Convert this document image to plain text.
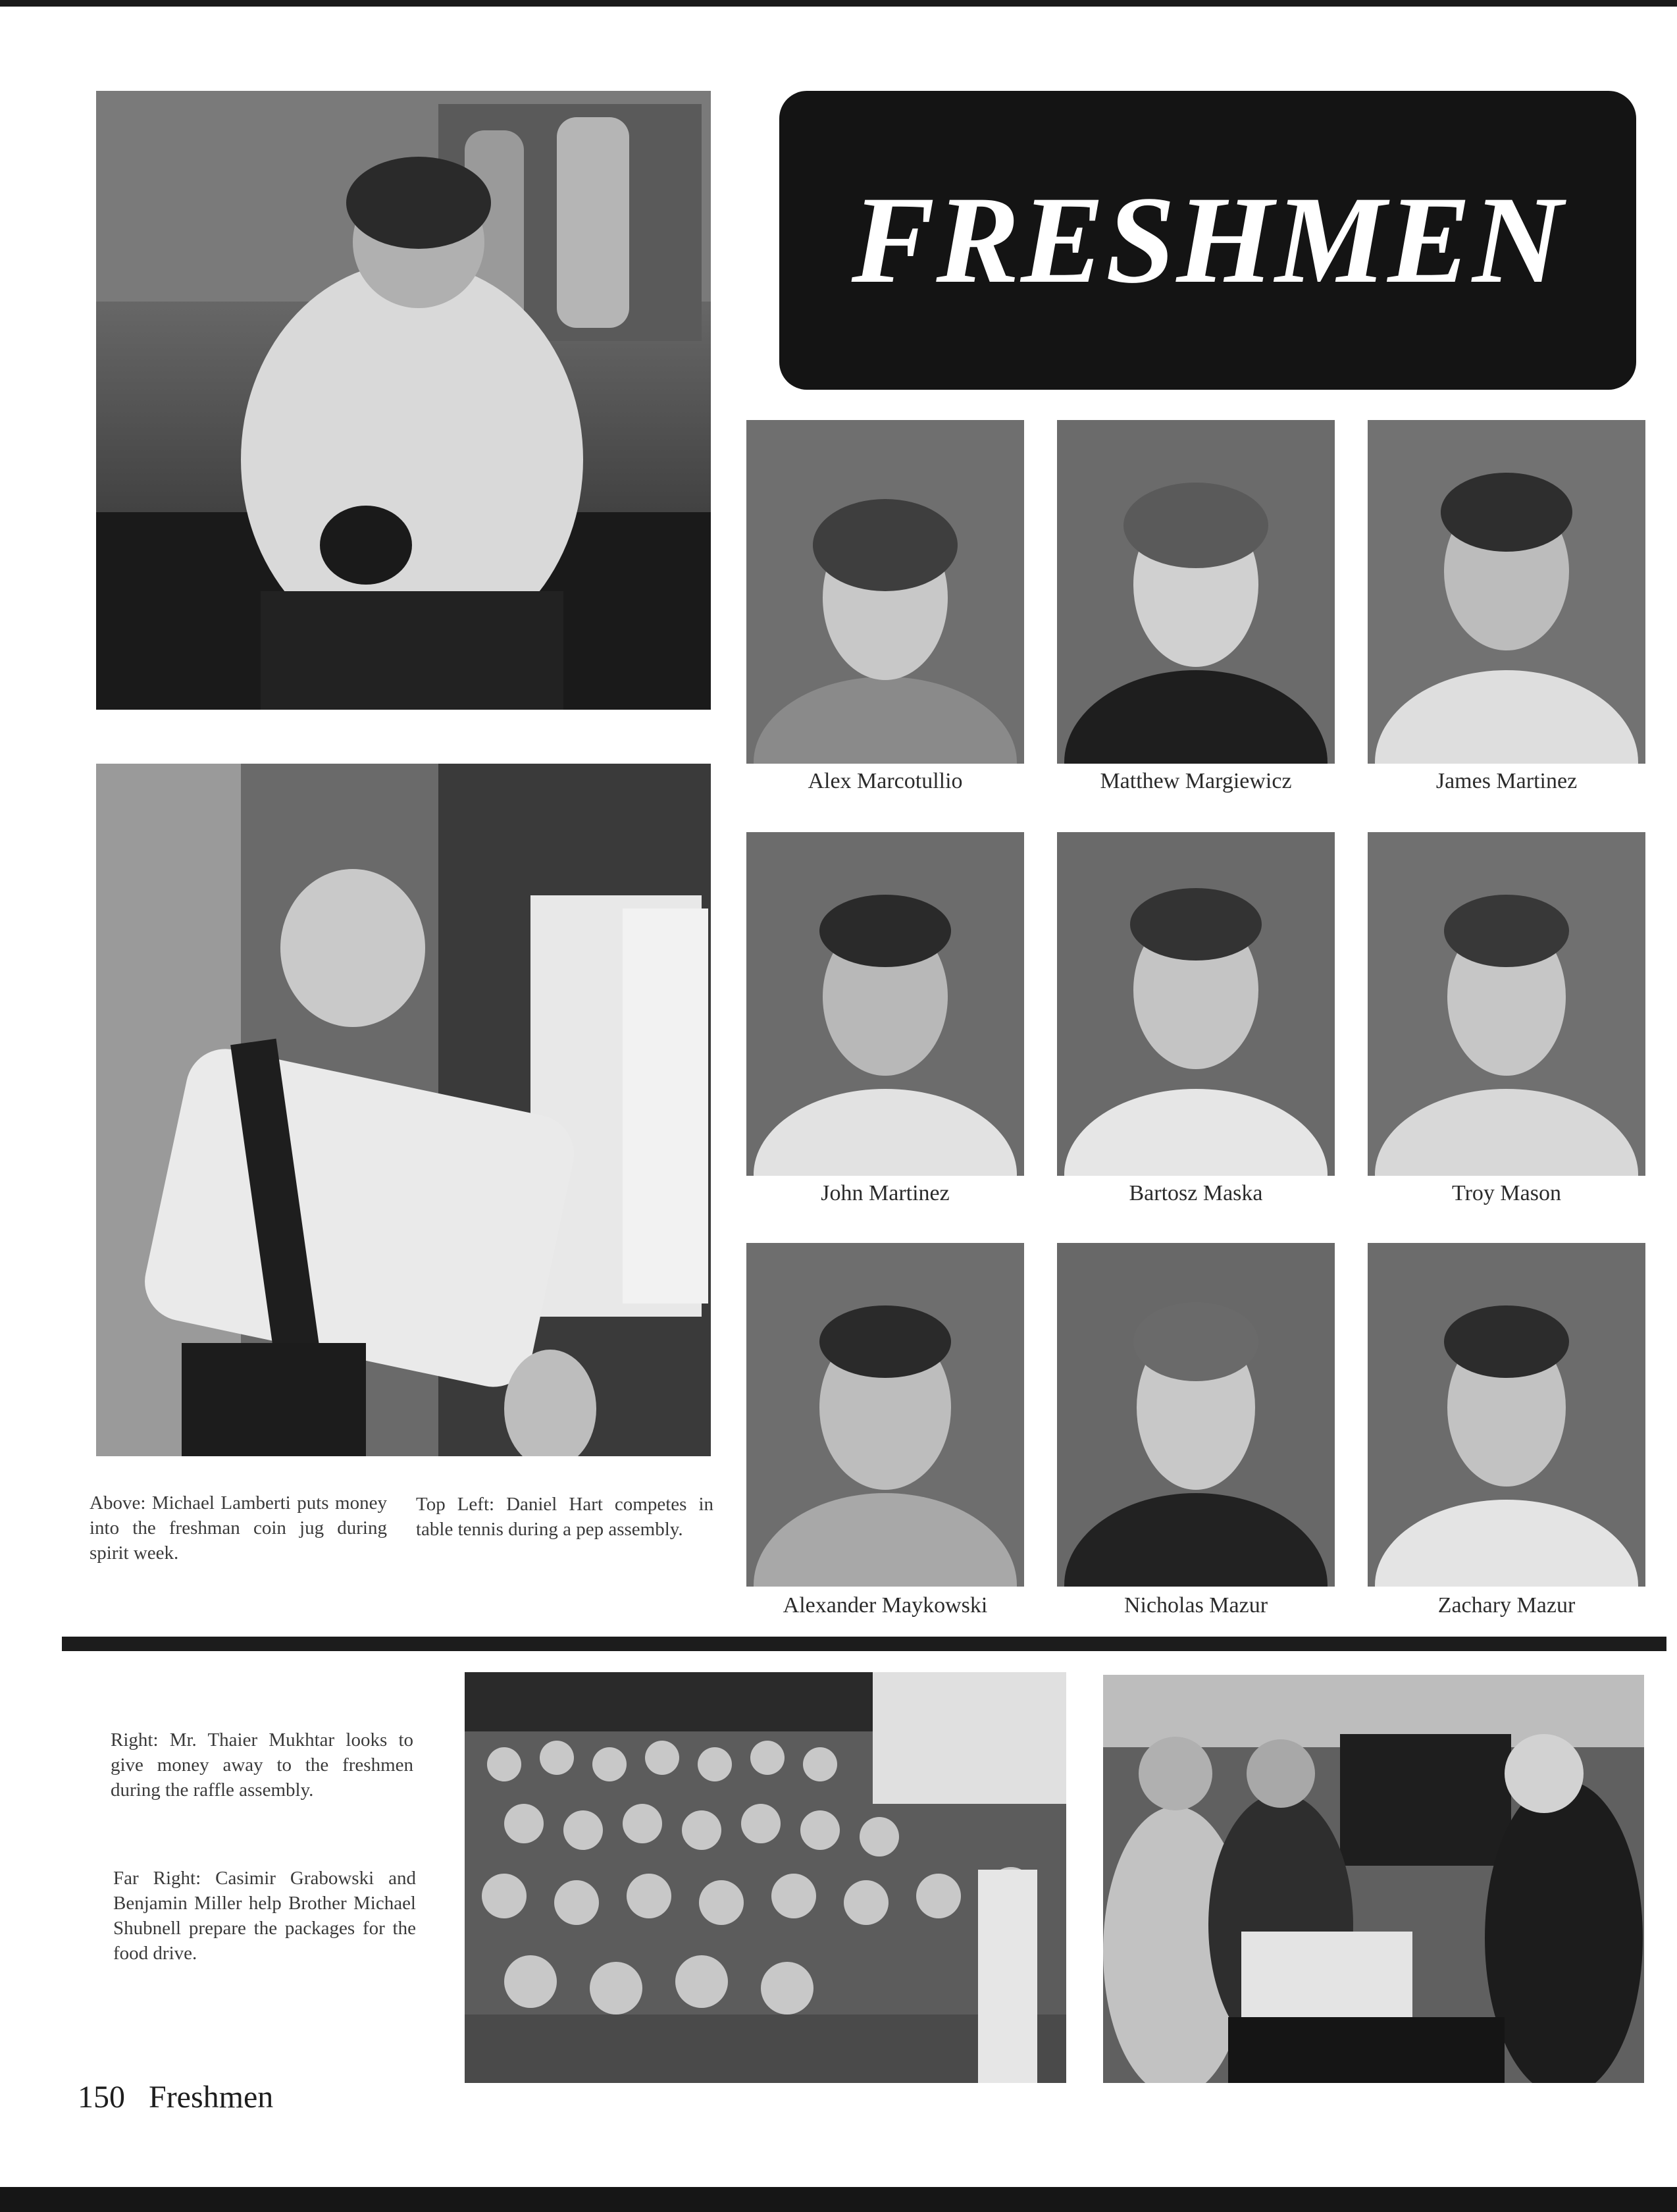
Above: Michael Lamberti puts money into the freshman coin jug during spirit week.
Top Left: Daniel Hart competes in table tennis during a pep assembly.
FRESHMEN
Alex Marcotullio	Matthew Margiewicz	James Martinez
John Martinez	Bartosz Maska	Troy Mason
Alexander Maykowski	Nicholas Mazur	Zachary Mazur
Right: Mr. Thaier Mukhtar looks to give money away to the freshmen during the raffle assembly.
Far Right: Casimir Grabowski and Benjamin Miller help Brother Michael Shubnell prepare the packages for the food drive.
150 Freshmen
